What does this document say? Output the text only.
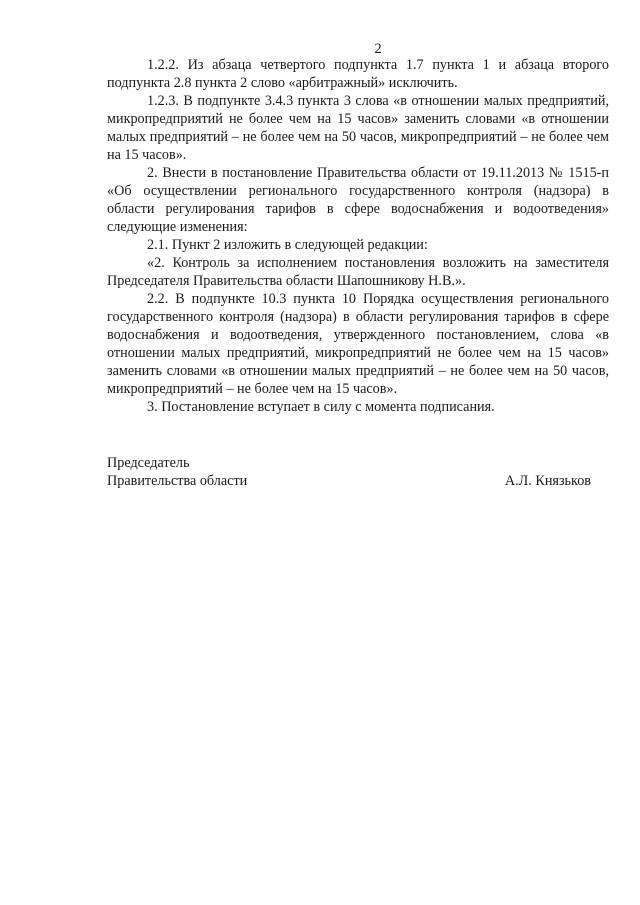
2

1.2.2. Из абзаца четвертого подпункта 1.7 пункта 1 и абзаца второго подпункта 2.8 пункта 2 слово «арбитражный» исключить.

1.2.3. В подпункте 3.4.3 пункта 3 слова «в отношении малых предприятий, микропредприятий не более чем на 15 часов» заменить словами «в отношении малых предприятий – не более чем на 50 часов, микропредприятий – не более чем на 15 часов».

2. Внести в постановление Правительства области от 19.11.2013 № 1515-п «Об осуществлении регионального государственного контроля (надзора) в области регулирования тарифов в сфере водоснабжения и водоотведения» следующие изменения:

2.1. Пункт 2 изложить в следующей редакции:

«2. Контроль за исполнением постановления возложить на заместителя Председателя Правительства области Шапошникову Н.В.».

2.2. В подпункте 10.3 пункта 10 Порядка осуществления регионального государственного контроля (надзора) в области регулирования тарифов в сфере водоснабжения и водоотведения, утвержденного постановлением, слова «в отношении малых предприятий, микропредприятий не более чем на 15 часов» заменить словами «в отношении малых предприятий – не более чем на 50 часов, микропредприятий – не более чем на 15 часов».

3. Постановление вступает в силу с момента подписания.

Председатель
Правительства области	А.Л. Князьков
